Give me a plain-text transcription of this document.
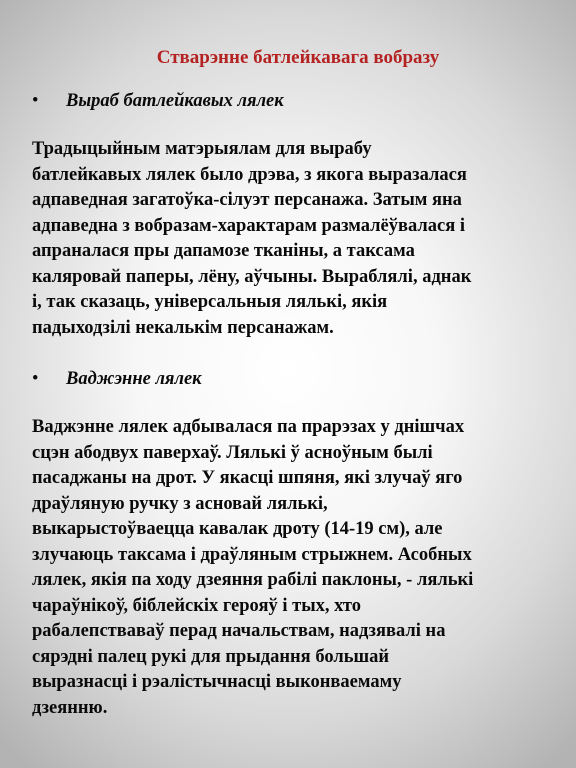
Стварэнне батлейкавага вобразу
•	Выраб батлейкавых лялек

Традыцыйным матэрыялам для вырабу
батлейкавых лялек было дрэва, з якога выразалася
адпаведная загатоўка-сілуэт персанажа. Затым яна
адпаведна з вобразам-характарам размалёўвалася і
апраналася пры дапамозе тканіны, а таксама
каляровай паперы, лёну, аўчыны. Выраблялі, аднак
і, так сказаць, універсальныя лялькі, якія
падыходзілі некалькім персанажам.

•	Ваджэнне лялек

Ваджэнне лялек адбывалася па прарэзах у днішчах
сцэн абодвух паверхаў. Лялькі ў асноўным былі
пасаджаны на дрот. У якасці шпяня, які злучаў яго
драўляную ручку з асновай лялькі,
выкарыстоўваецца кавалак дроту (14-19 см), але
злучаюць таксама і драўляным стрыжнем. Асобных
лялек, якія па ходу дзеяння рабілі паклоны, - лялькі
чараўнікоў, біблейскіх герояў і тых, хто
рабалепстваваў перад начальствам, надзявалі на
сярэдні палец рукі для прыдання большай
выразнасці і рэалістычнасці выконваемаму
дзеянню.
